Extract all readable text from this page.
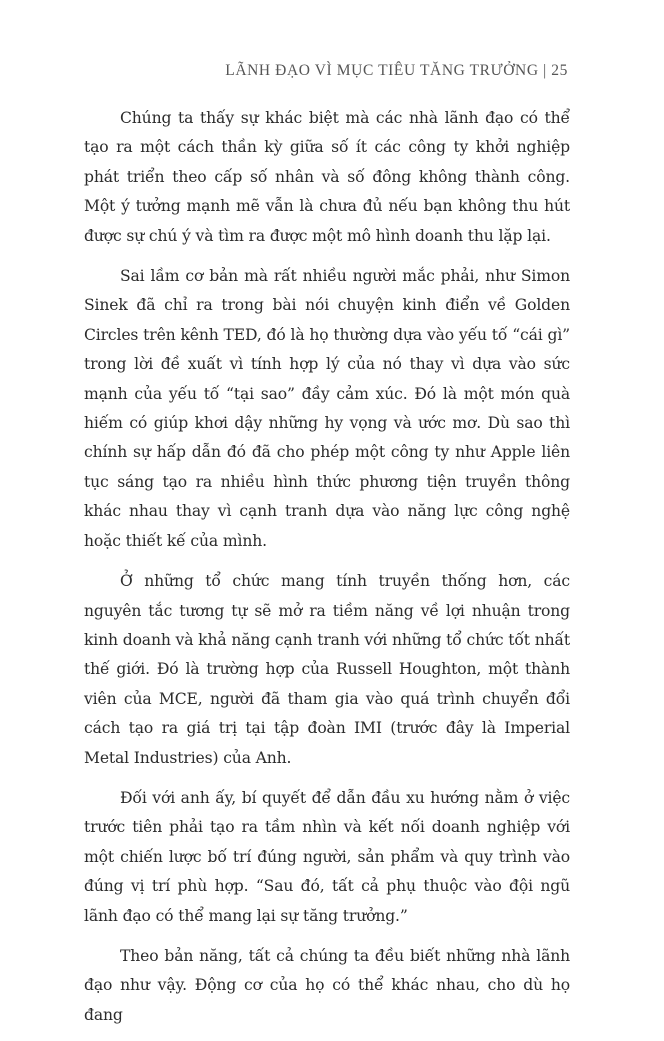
LÃNH ĐẠO VÌ MỤC TIÊU TĂNG TRƯỞNG | 25

Chúng ta thấy sự khác biệt mà các nhà lãnh đạo có thể tạo ra một cách thần kỳ giữa số ít các công ty khởi nghiệp phát triển theo cấp số nhân và số đông không thành công. Một ý tưởng mạnh mẽ vẫn là chưa đủ nếu bạn không thu hút được sự chú ý và tìm ra được một mô hình doanh thu lặp lại.

Sai lầm cơ bản mà rất nhiều người mắc phải, như Simon Sinek đã chỉ ra trong bài nói chuyện kinh điển về Golden Circles trên kênh TED, đó là họ thường dựa vào yếu tố “cái gì” trong lời đề xuất vì tính hợp lý của nó thay vì dựa vào sức mạnh của yếu tố “tại sao” đầy cảm xúc. Đó là một món quà hiếm có giúp khơi dậy những hy vọng và ước mơ. Dù sao thì chính sự hấp dẫn đó đã cho phép một công ty như Apple liên tục sáng tạo ra nhiều hình thức phương tiện truyền thông khác nhau thay vì cạnh tranh dựa vào năng lực công nghệ hoặc thiết kế của mình.

Ở những tổ chức mang tính truyền thống hơn, các nguyên tắc tương tự sẽ mở ra tiềm năng về lợi nhuận trong kinh doanh và khả năng cạnh tranh với những tổ chức tốt nhất thế giới. Đó là trường hợp của Russell Houghton, một thành viên của MCE, người đã tham gia vào quá trình chuyển đổi cách tạo ra giá trị tại tập đoàn IMI (trước đây là Imperial Metal Industries) của Anh.

Đối với anh ấy, bí quyết để dẫn đầu xu hướng nằm ở việc trước tiên phải tạo ra tầm nhìn và kết nối doanh nghiệp với một chiến lược bố trí đúng người, sản phẩm và quy trình vào đúng vị trí phù hợp. “Sau đó, tất cả phụ thuộc vào đội ngũ lãnh đạo có thể mang lại sự tăng trưởng.”

Theo bản năng, tất cả chúng ta đều biết những nhà lãnh đạo như vậy. Động cơ của họ có thể khác nhau, cho dù họ đang
